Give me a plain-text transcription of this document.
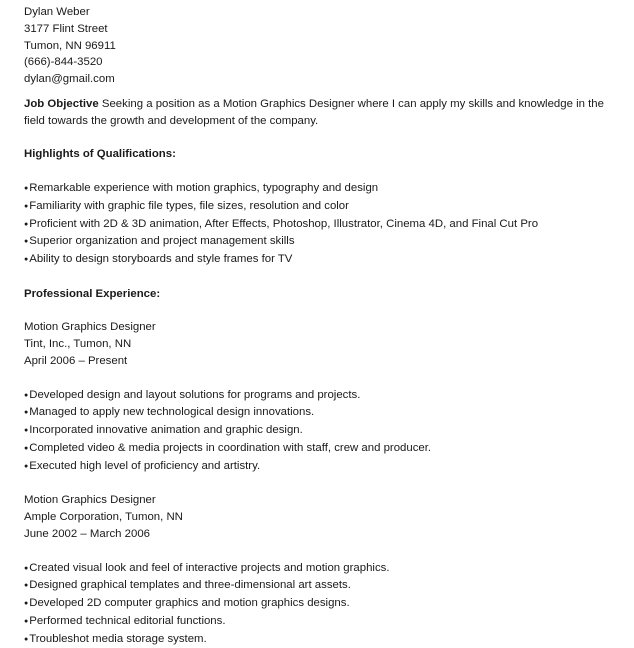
Dylan Weber
3177 Flint Street
Tumon, NN 96911
(666)-844-3520
dylan@gmail.com
Job Objective Seeking a position as a Motion Graphics Designer where I can apply my skills and knowledge in the field towards the growth and development of the company.
Highlights of Qualifications:
● Remarkable experience with motion graphics, typography and design
● Familiarity with graphic file types, file sizes, resolution and color
● Proficient with 2D & 3D animation, After Effects, Photoshop, Illustrator, Cinema 4D, and Final Cut Pro
● Superior organization and project management skills
● Ability to design storyboards and style frames for TV
Professional Experience:
Motion Graphics Designer
Tint, Inc., Tumon, NN
April 2006 – Present
● Developed design and layout solutions for programs and projects.
● Managed to apply new technological design innovations.
● Incorporated innovative animation and graphic design.
● Completed video & media projects in coordination with staff, crew and producer.
● Executed high level of proficiency and artistry.
Motion Graphics Designer
Ample Corporation, Tumon, NN
June 2002 – March 2006
● Created visual look and feel of interactive projects and motion graphics.
● Designed graphical templates and three-dimensional art assets.
● Developed 2D computer graphics and motion graphics designs.
● Performed technical editorial functions.
● Troubleshot media storage system.
